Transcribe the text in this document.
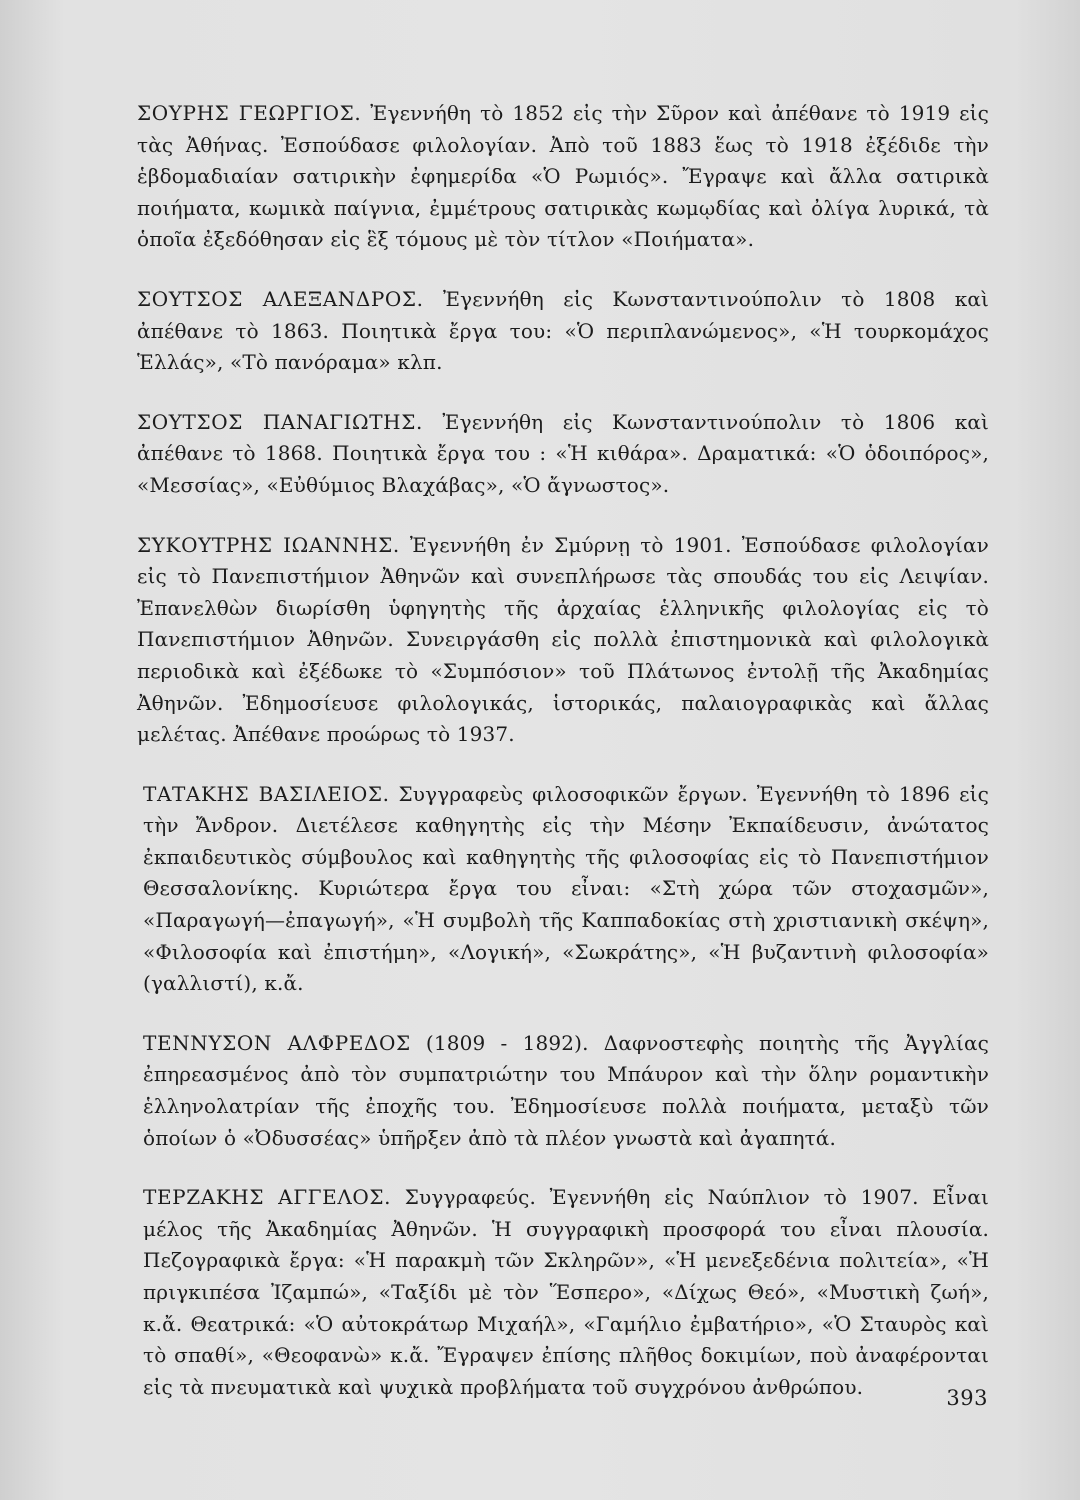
ΣΟΥΡΗΣ ΓΕΩΡΓΙΟΣ. Ἐγεννήθη τὸ 1852 εἰς τὴν Σῦρον καὶ ἀπέθανε τὸ 1919 εἰς τὰς Ἀθήνας. Ἐσπούδασε φιλολογίαν. Ἀπὸ τοῦ 1883 ἕως τὸ 1918 ἐξέδιδε τὴν ἑβδομαδιαίαν σατιρικὴν ἐφημερίδα «Ὁ Ρωμιός». Ἔγραψε καὶ ἄλλα σατιρικὰ ποιήματα, κωμικὰ παίγνια, ἐμμέτρους σατιρικὰς κωμῳδίας καὶ ὀλίγα λυρικά, τὰ ὁποῖα ἐξεδόθησαν εἰς ἓξ τόμους μὲ τὸν τίτλον «Ποιήματα».

ΣΟΥΤΣΟΣ ΑΛΕΞΑΝΔΡΟΣ. Ἐγεννήθη εἰς Κωνσταντινούπολιν τὸ 1808 καὶ ἀπέθανε τὸ 1863. Ποιητικὰ ἔργα του: «Ὁ περιπλανώμενος», «Ἡ τουρκομάχος Ἑλλάς», «Τὸ πανόραμα» κλπ.

ΣΟΥΤΣΟΣ ΠΑΝΑΓΙΩΤΗΣ. Ἐγεννήθη εἰς Κωνσταντινούπολιν τὸ 1806 καὶ ἀπέθανε τὸ 1868. Ποιητικὰ ἔργα του : «Ἡ κιθάρα». Δραματικά: «Ὁ ὁδοιπόρος», «Μεσσίας», «Εὐθύμιος Βλαχάβας», «Ὁ ἄγνωστος».

ΣΥΚΟΥΤΡΗΣ ΙΩΑΝΝΗΣ. Ἐγεννήθη ἐν Σμύρνῃ τὸ 1901. Ἐσπούδασε φιλολογίαν εἰς τὸ Πανεπιστήμιον Ἀθηνῶν καὶ συνεπλήρωσε τὰς σπουδάς του εἰς Λειψίαν. Ἐπανελθὼν διωρίσθη ὑφηγητὴς τῆς ἀρχαίας ἑλληνικῆς φιλολογίας εἰς τὸ Πανεπιστήμιον Ἀθηνῶν. Συνειργάσθη εἰς πολλὰ ἐπιστημονικὰ καὶ φιλολογικὰ περιοδικὰ καὶ ἐξέδωκε τὸ «Συμπόσιον» τοῦ Πλάτωνος ἐντολῇ τῆς Ἀκαδημίας Ἀθηνῶν. Ἐδημοσίευσε φιλολογικάς, ἱστορικάς, παλαιογραφικὰς καὶ ἄλλας μελέτας. Ἀπέθανε προώρως τὸ 1937.

ΤΑΤΑΚΗΣ ΒΑΣΙΛΕΙΟΣ. Συγγραφεὺς φιλοσοφικῶν ἔργων. Ἐγεννήθη τὸ 1896 εἰς τὴν Ἄνδρον. Διετέλεσε καθηγητὴς εἰς τὴν Μέσην Ἐκπαίδευσιν, ἀνώτατος ἐκπαιδευτικὸς σύμβουλος καὶ καθηγητὴς τῆς φιλοσοφίας εἰς τὸ Πανεπιστήμιον Θεσσαλονίκης. Κυριώτερα ἔργα του εἶναι: «Στὴ χώρα τῶν στοχασμῶν», «Παραγωγή—ἐπαγωγή», «Ἡ συμβολὴ τῆς Καππαδοκίας στὴ χριστιανικὴ σκέψη», «Φιλοσοφία καὶ ἐπιστήμη», «Λογική», «Σωκράτης», «Ἡ βυζαντινὴ φιλοσοφία» (γαλλιστί), κ.ἄ.

ΤΕΝΝΥΣΟΝ ΑΛΦΡΕΔΟΣ (1809 - 1892). Δαφνοστεφὴς ποιητὴς τῆς Ἀγγλίας ἐπηρεασμένος ἀπὸ τὸν συμπατριώτην του Μπάυρον καὶ τὴν ὅλην ρομαντικὴν ἑλληνολατρίαν τῆς ἐποχῆς του. Ἐδημοσίευσε πολλὰ ποιήματα, μεταξὺ τῶν ὁποίων ὁ «Ὀδυσσέας» ὑπῆρξεν ἀπὸ τὰ πλέον γνωστὰ καὶ ἀγαπητά.

ΤΕΡΖΑΚΗΣ ΑΓΓΕΛΟΣ. Συγγραφεύς. Ἐγεννήθη εἰς Ναύπλιον τὸ 1907. Εἶναι μέλος τῆς Ἀκαδημίας Ἀθηνῶν. Ἡ συγγραφικὴ προσφορά του εἶναι πλουσία. Πεζογραφικὰ ἔργα: «Ἡ παρακμὴ τῶν Σκληρῶν», «Ἡ μενεξεδένια πολιτεία», «Ἡ πριγκιπέσα Ἰζαμπώ», «Ταξίδι μὲ τὸν Ἕσπερο», «Δίχως Θεό», «Μυστικὴ ζωή», κ.ἄ. Θεατρικά: «Ὁ αὐτοκράτωρ Μιχαήλ», «Γαμήλιο ἐμβατήριο», «Ὁ Σταυρὸς καὶ τὸ σπαθί», «Θεοφανὼ» κ.ἄ. Ἔγραψεν ἐπίσης πλῆθος δοκιμίων, ποὺ ἀναφέρονται εἰς τὰ πνευματικὰ καὶ ψυχικὰ προβλήματα τοῦ συγχρόνου ἀνθρώπου.	393
